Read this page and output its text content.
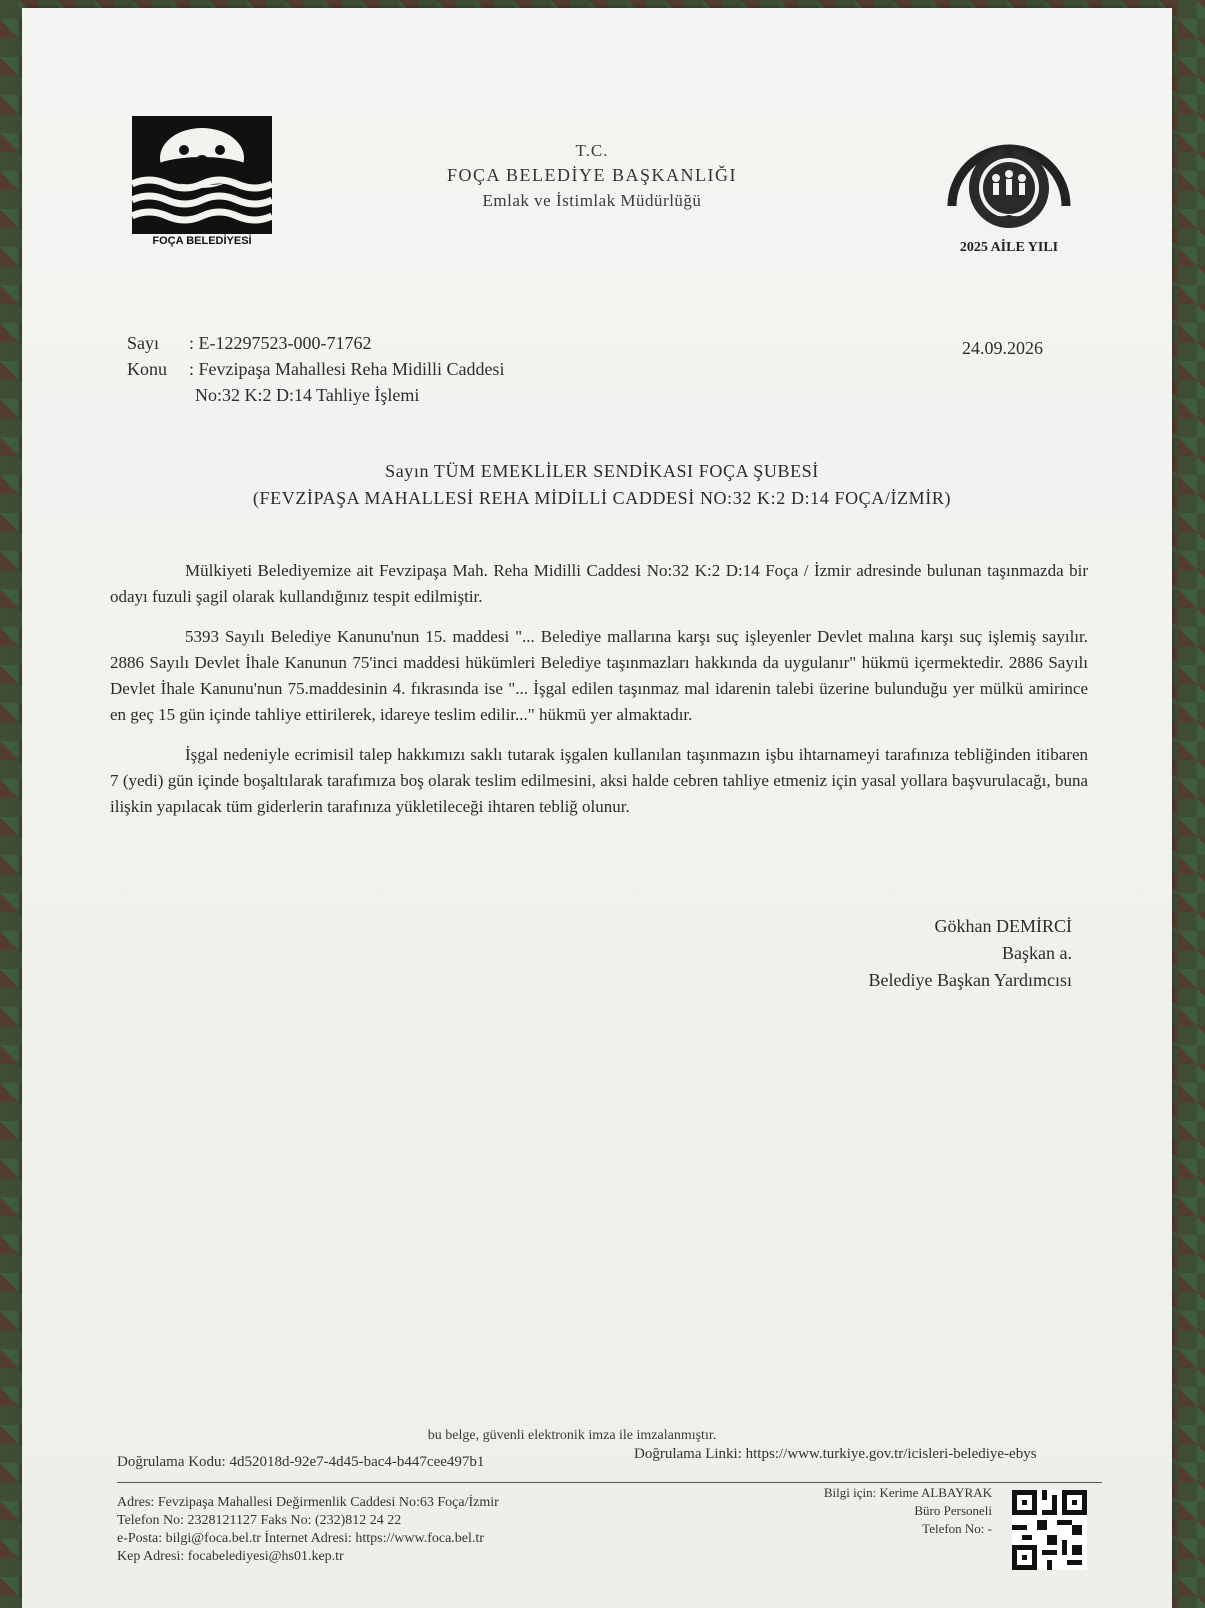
FOÇA BELEDİYESİ
T.C.
FOÇA BELEDİYE BAŞKANLIĞI
Emlak ve İstimlak Müdürlüğü
2025 AİLE YILI
Sayı : E-12297523-000-71762
Konu : Fevzipaşa Mahallesi Reha Midilli Caddesi
No:32 K:2 D:14 Tahliye İşlemi
24.09.2026
Sayın TÜM EMEKLİLER SENDİKASI FOÇA ŞUBESİ
(FEVZİPAŞA MAHALLESİ REHA MİDİLLİ CADDESİ NO:32 K:2 D:14 FOÇA/İZMİR)

Mülkiyeti Belediyemize ait Fevzipaşa Mah. Reha Midilli Caddesi No:32 K:2 D:14 Foça / İzmir adresinde bulunan taşınmazda bir odayı fuzuli şagil olarak kullandığınız tespit edilmiştir.

5393 Sayılı Belediye Kanunu'nun 15. maddesi "... Belediye mallarına karşı suç işleyenler Devlet malına karşı suç işlemiş sayılır. 2886 Sayılı Devlet İhale Kanunun 75'inci maddesi hükümleri Belediye taşınmazları hakkında da uygulanır" hükmü içermektedir. 2886 Sayılı Devlet İhale Kanunu'nun 75.maddesinin 4. fıkrasında ise "... İşgal edilen taşınmaz mal idarenin talebi üzerine bulunduğu yer mülkü amirince en geç 15 gün içinde tahliye ettirilerek, idareye teslim edilir..." hükmü yer almaktadır.

İşgal nedeniyle ecrimisil talep hakkımızı saklı tutarak işgalen kullanılan taşınmazın işbu ihtarnameyi tarafınıza tebliğinden itibaren 7 (yedi) gün içinde boşaltılarak tarafımıza boş olarak teslim edilmesini, aksi halde cebren tahliye etmeniz için yasal yollara başvurulacağı, buna ilişkin yapılacak tüm giderlerin tarafınıza yükletileceği ihtaren tebliğ olunur.

Gökhan DEMİRCİ
Başkan a.
Belediye Başkan Yardımcısı
bu belge, güvenli elektronik imza ile imzalanmıştır.
Doğrulama Kodu: 4d52018d-92e7-4d45-bac4-b447cee497b1	Doğrulama Linki: https://www.turkiye.gov.tr/icisleri-belediye-ebys
Adres: Fevzipaşa Mahallesi Değirmenlik Caddesi No:63 Foça/İzmir
Telefon No: 2328121127 Faks No: (232)812 24 22
e-Posta: bilgi@foca.bel.tr İnternet Adresi: https://www.foca.bel.tr
Kep Adresi: focabelediyesi@hs01.kep.tr
Bilgi için: Kerime ALBAYRAK
Büro Personeli
Telefon No: -
